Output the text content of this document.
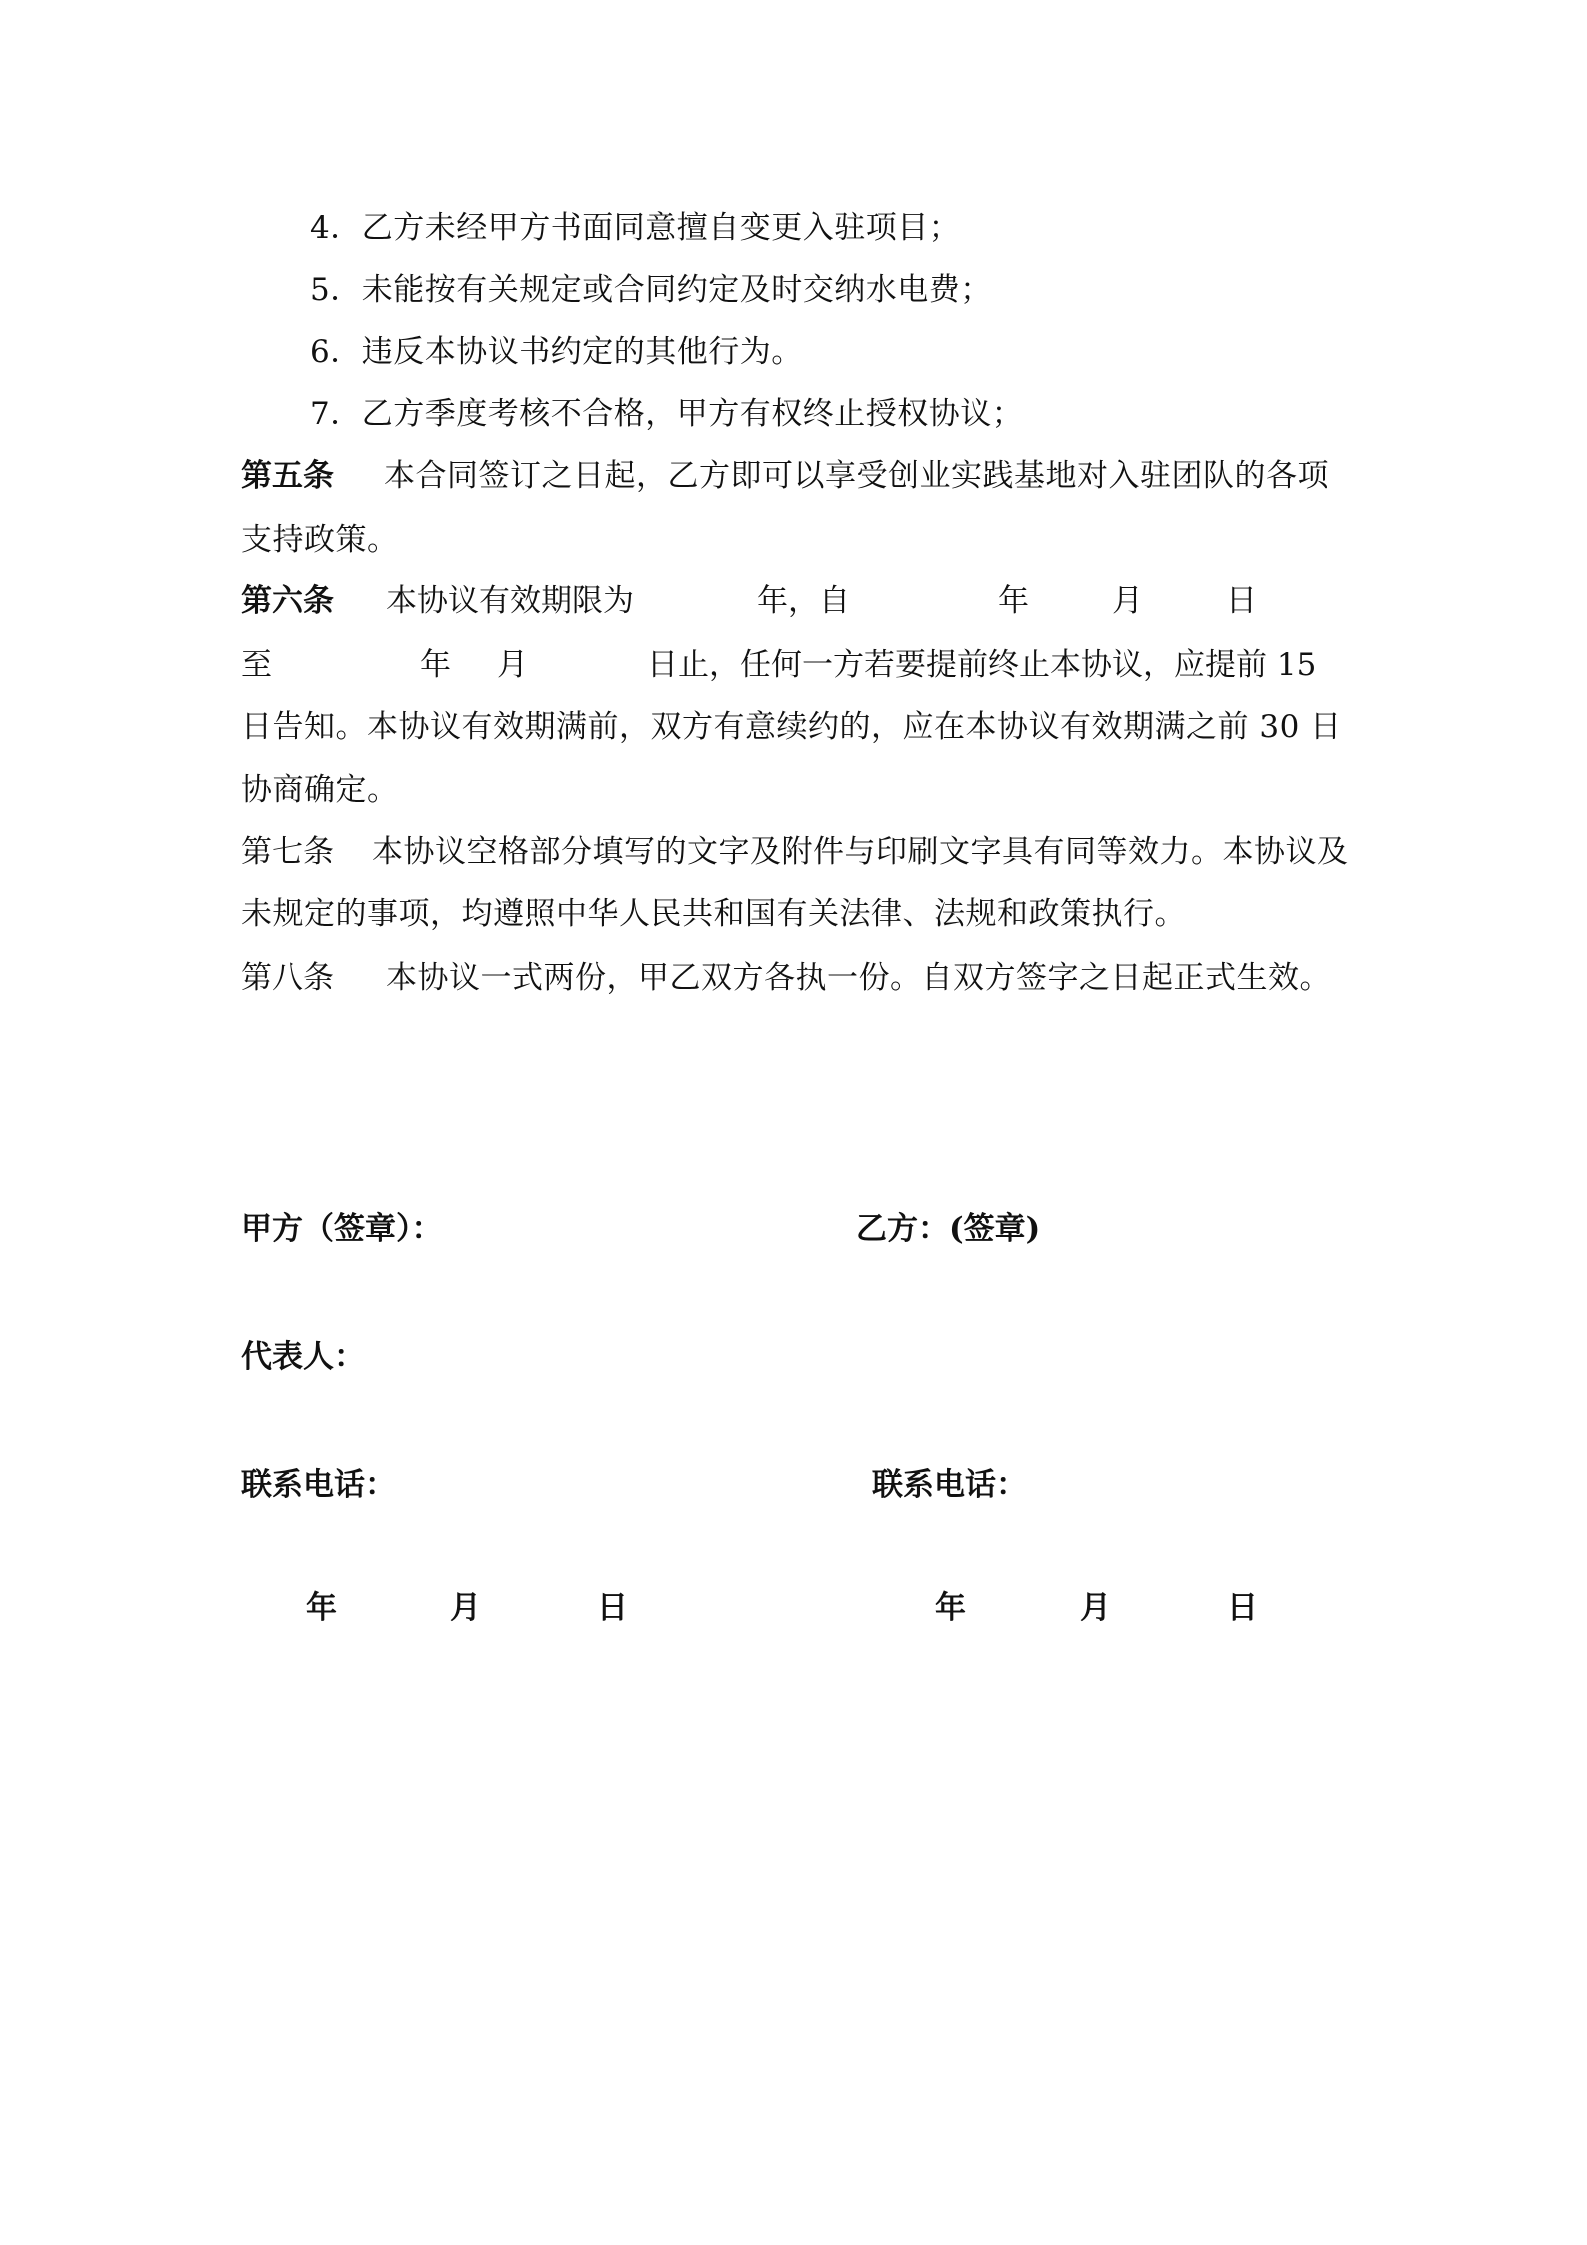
4．乙方未经甲方书面同意擅自变更入驻项目；
5．未能按有关规定或合同约定及时交纳水电费；
6．违反本协议书约定的其他行为。
7．乙方季度考核不合格，甲方有权终止授权协议；
第五条 本合同签订之日起，乙方即可以享受创业实践基地对入驻团队的各项
支持政策。
第六条 本协议有效期限为	年，自	年	月	日
至	年 月	日止，任何一方若要提前终止本协议，应提前 15
日告知。本协议有效期满前，双方有意续约的，应在本协议有效期满之前 30 日
协商确定。
第七条 本协议空格部分填写的文字及附件与印刷文字具有同等效力。本协议及
未规定的事项，均遵照中华人民共和国有关法律、法规和政策执行。
第八条 本协议一式两份，甲乙双方各执一份。自双方签字之日起正式生效。
甲方（签章）：	乙方：(签章)
代表人：
联系电话：	联系电话：
年	月	日	年	月	日
